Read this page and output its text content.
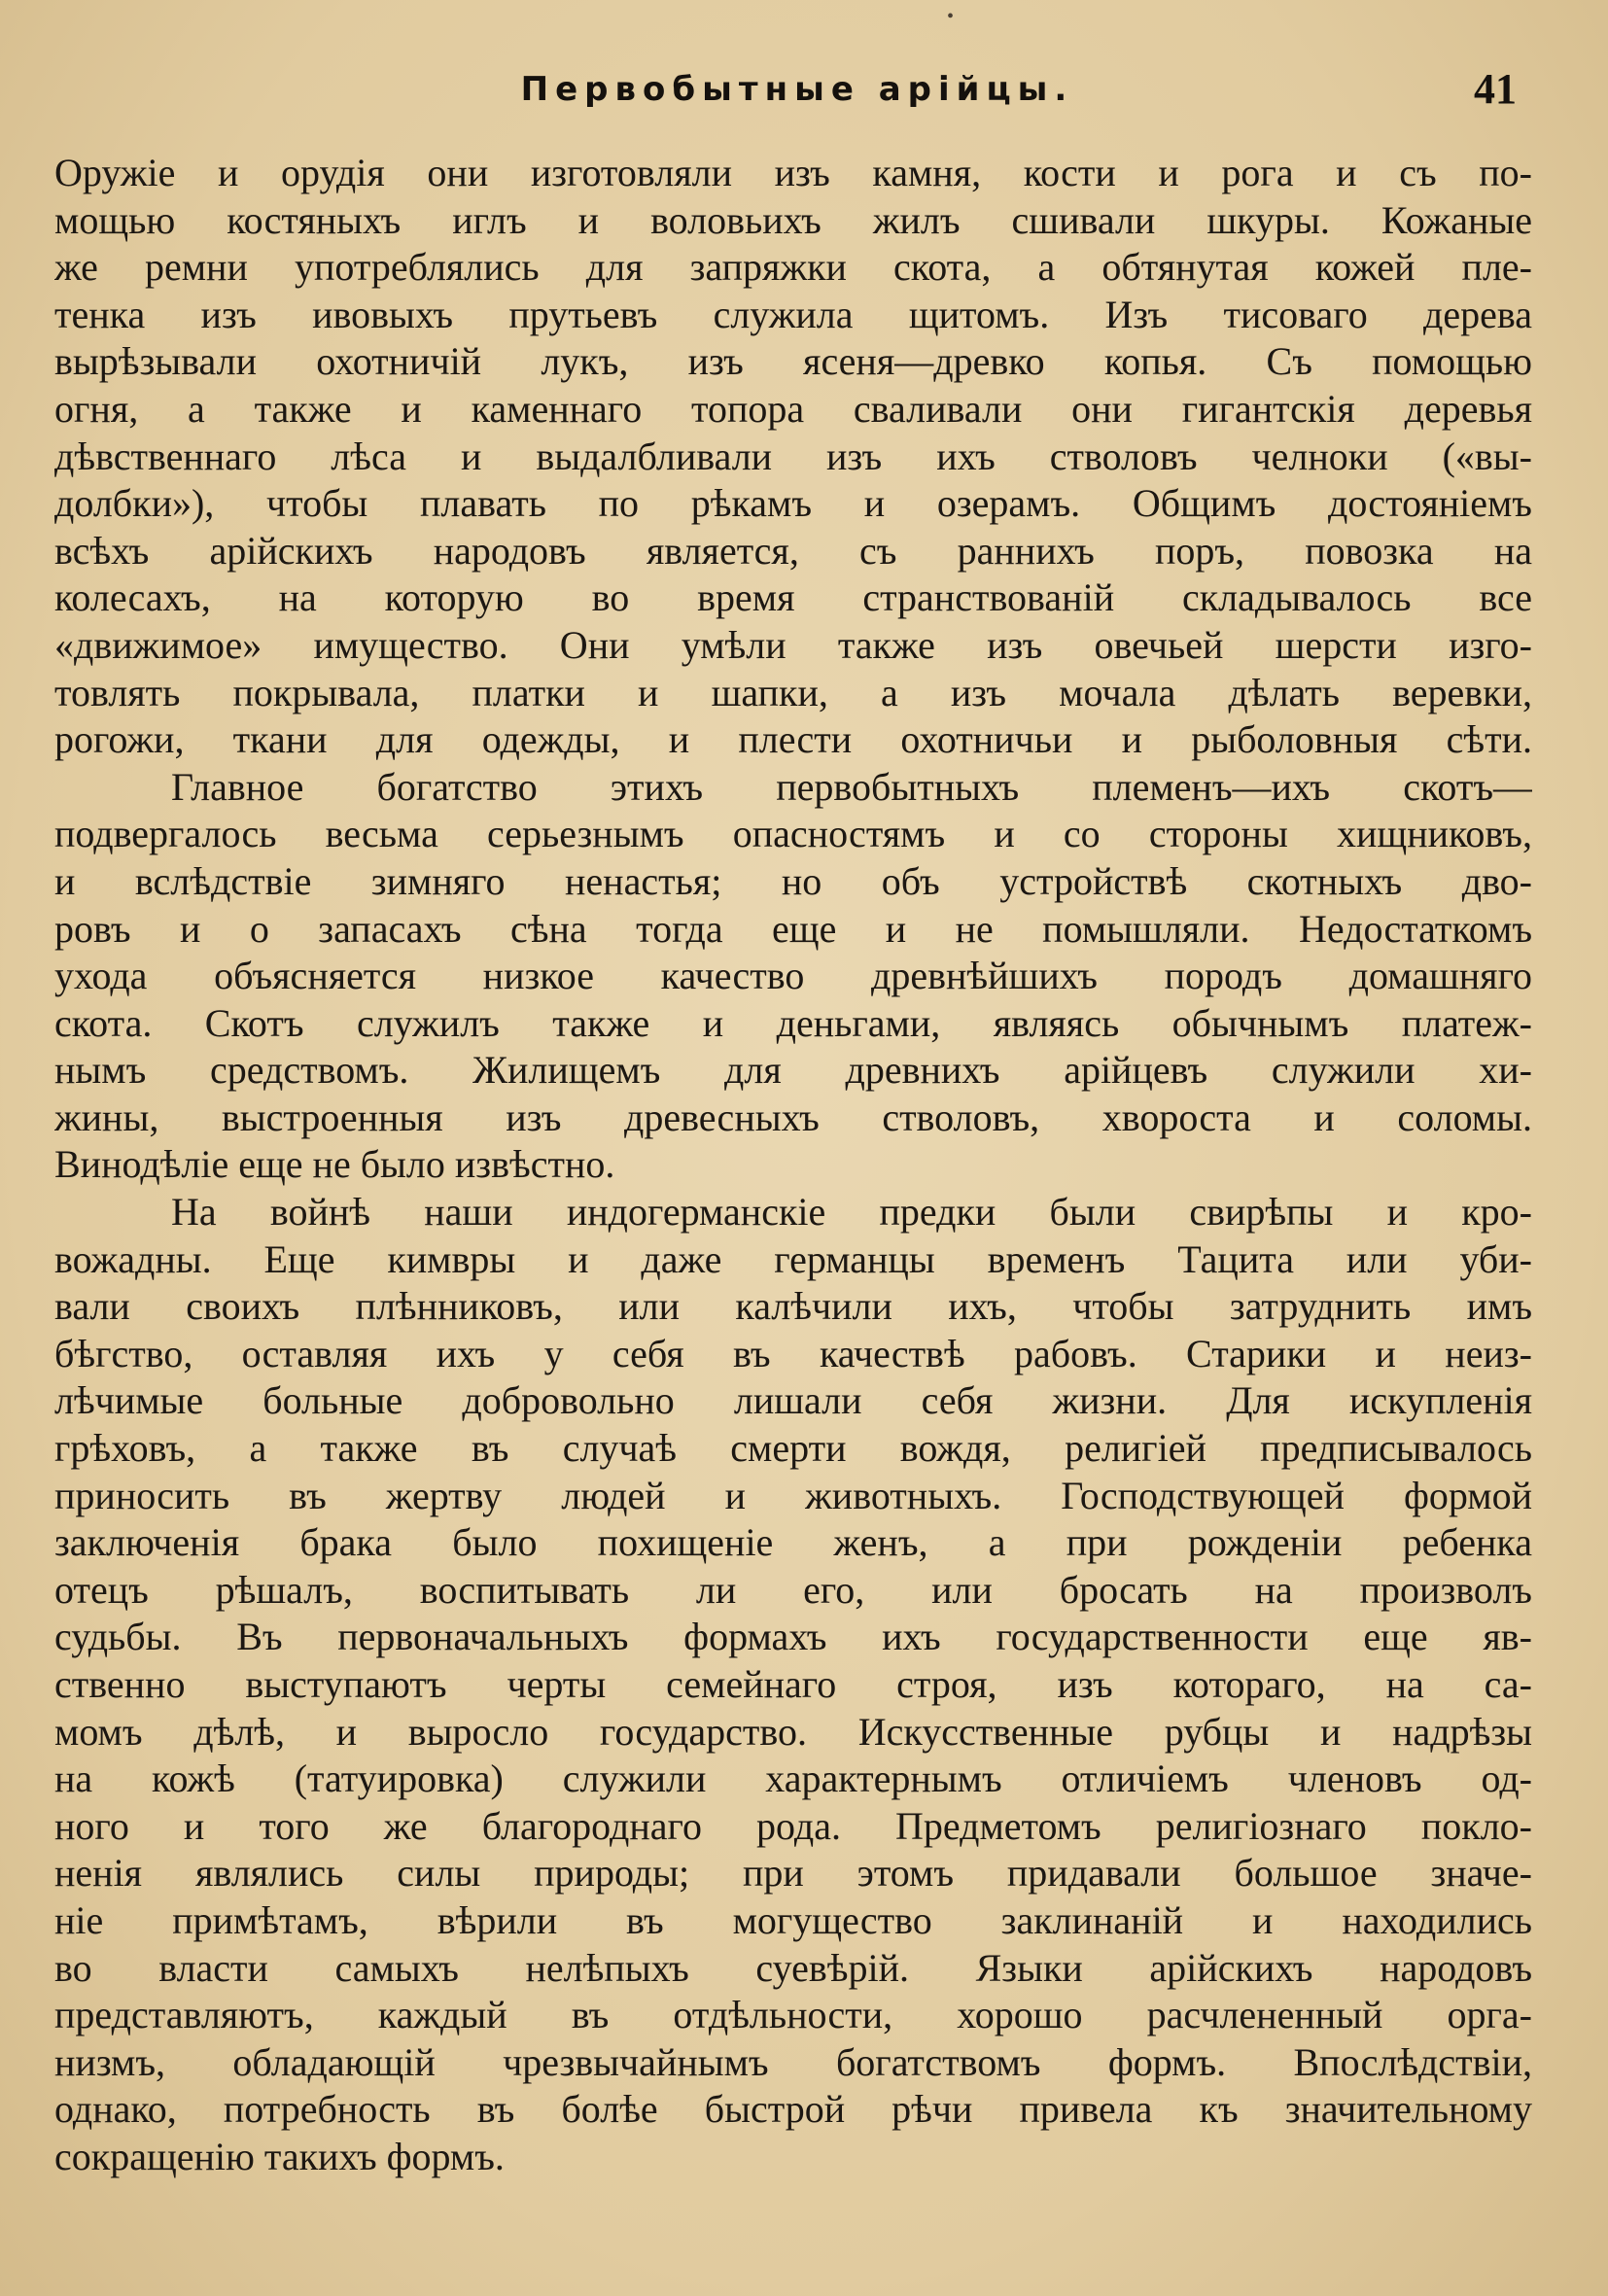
•
Первобытные арійцы.	41
Оружіе и орудія они изготовляли изъ камня, кости и рога и съ по-
мощью костяныхъ иглъ и воловьихъ жилъ сшивали шкуры. Кожаные
же ремни употреблялись для запряжки скота, а обтянутая кожей пле-
тенка изъ ивовыхъ прутьевъ служила щитомъ. Изъ тисоваго дерева
вырѣзывали охотничій лукъ, изъ ясеня—древко копья. Съ помощью
огня, а также и каменнаго топора сваливали они гигантскія деревья
дѣвственнаго лѣса и выдалбливали изъ ихъ стволовъ челноки («вы-
долбки»), чтобы плавать по рѣкамъ и озерамъ. Общимъ достояніемъ
всѣхъ арійскихъ народовъ является, съ раннихъ поръ, повозка на
колесахъ, на которую во время странствованій складывалось все
«движимое» имущество. Они умѣли также изъ овечьей шерсти изго-
товлять покрывала, платки и шапки, а изъ мочала дѣлать веревки,
рогожи, ткани для одежды, и плести охотничьи и рыболовныя сѣти.
Главное богатство этихъ первобытныхъ племенъ—ихъ скотъ—
подвергалось весьма серьезнымъ опасностямъ и со стороны хищниковъ,
и вслѣдствіе зимняго ненастья; но объ устройствѣ скотныхъ дво-
ровъ и о запасахъ сѣна тогда еще и не помышляли. Недостаткомъ
ухода объясняется низкое качество древнѣйшихъ породъ домашняго
скота. Скотъ служилъ также и деньгами, являясь обычнымъ платеж-
нымъ средствомъ. Жилищемъ для древнихъ арійцевъ служили хи-
жины, выстроенныя изъ древесныхъ стволовъ, хвороста и соломы.
Винодѣліе еще не было извѣстно.
На войнѣ наши индогерманскіе предки были свирѣпы и кро-
вожадны. Еще кимвры и даже германцы временъ Тацита или уби-
вали своихъ плѣнниковъ, или калѣчили ихъ, чтобы затруднить имъ
бѣгство, оставляя ихъ у себя въ качествѣ рабовъ. Старики и неиз-
лѣчимые больные добровольно лишали себя жизни. Для искупленія
грѣховъ, а также въ случаѣ смерти вождя, религіей предписывалось
приносить въ жертву людей и животныхъ. Господствующей формой
заключенія брака было похищеніе женъ, а при рожденіи ребенка
отецъ рѣшалъ, воспитывать ли его, или бросать на произволъ
судьбы. Въ первоначальныхъ формахъ ихъ государственности еще яв-
ственно выступаютъ черты семейнаго строя, изъ котораго, на са-
момъ дѣлѣ, и выросло государство. Искусственные рубцы и надрѣзы
на кожѣ (татуировка) служили характернымъ отличіемъ членовъ од-
ного и того же благороднаго рода. Предметомъ религіознаго покло-
ненія являлись силы природы; при этомъ придавали большое значе-
ніе примѣтамъ, вѣрили въ могущество заклинаній и находились
во власти самыхъ нелѣпыхъ суевѣрій. Языки арійскихъ народовъ
представляютъ, каждый въ отдѣльности, хорошо расчлененный орга-
низмъ, обладающій чрезвычайнымъ богатствомъ формъ. Впослѣдствіи,
однако, потребность въ болѣе быстрой рѣчи привела къ значительному
сокращенію такихъ формъ.
